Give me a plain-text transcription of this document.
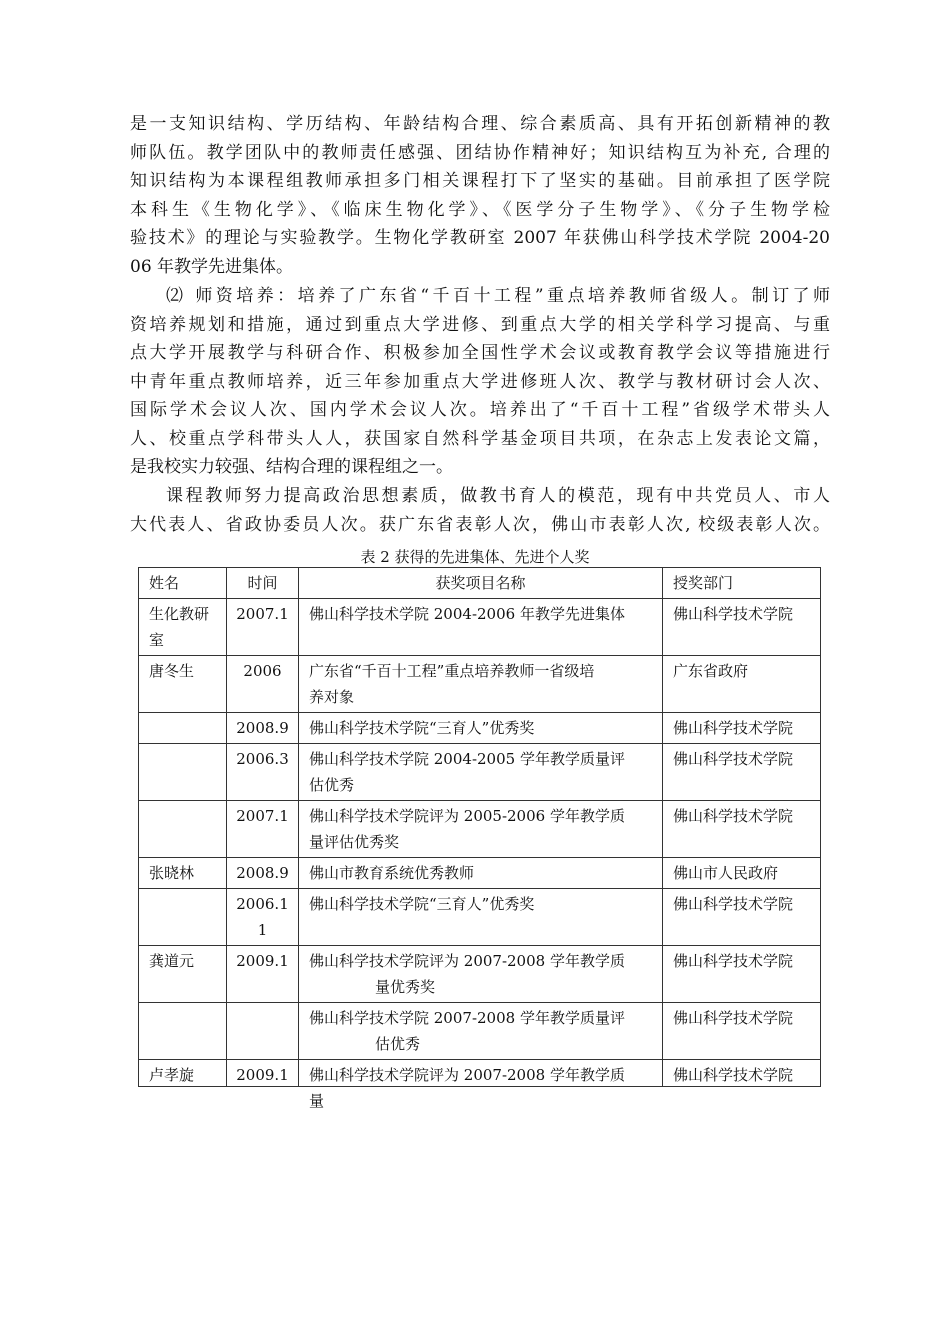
是一支知识结构、学历结构、年龄结构合理、综合素质高、具有开拓创新精神的教
师队伍。教学团队中的教师责任感强、团结协作精神好；知识结构互为补充, 合理的
知识结构为本课程组教师承担多门相关课程打下了坚实的基础。目前承担了医学院
本科生《生物化学》、《临床生物化学》、《医学分子生物学》、《分子生物学检
验技术》的理论与实验教学。生物化学教研室 2007 年获佛山科学技术学院 2004-20
06 年教学先进集体。
⑵ 师资培养：培养了广东省“千百十工程”重点培养教师省级人。制订了师
资培养规划和措施，通过到重点大学进修、到重点大学的相关学科学习提高、与重
点大学开展教学与科研合作、积极参加全国性学术会议或教育教学会议等措施进行
中青年重点教师培养，近三年参加重点大学进修班人次、教学与教材研讨会人次、
国际学术会议人次、国内学术会议人次。培养出了“千百十工程”省级学术带头人
人、校重点学科带头人人，获国家自然科学基金项目共项，在杂志上发表论文篇，
是我校实力较强、结构合理的课程组之一。
课程教师努力提高政治思想素质，做教书育人的模范，现有中共党员人、市人
大代表人、省政协委员人次。获广东省表彰人次，佛山市表彰人次, 校级表彰人次。
表 2 获得的先进集体、先进个人奖
姓名	时间	获奖项目名称	授奖部门

生化教研
室	2007.1	佛山科学技术学院 2004-2006 年教学先进集体	佛山科学技术学院

唐冬生	2006	广东省“千百十工程”重点培养教师一省级培
养对象	广东省政府

	2008.9	佛山科学技术学院“三育人”优秀奖	佛山科学技术学院

	2006.3	佛山科学技术学院 2004-2005 学年教学质量评
估优秀	佛山科学技术学院

	2007.1	佛山科学技术学院评为 2005-2006 学年教学质
量评估优秀奖	佛山科学技术学院

张晓林	2008.9	佛山市教育系统优秀教师	佛山市人民政府

	2006.1
1	佛山科学技术学院“三育人”优秀奖	佛山科学技术学院

龚道元	2009.1	佛山科学技术学院评为 2007-2008 学年教学质
量优秀奖	佛山科学技术学院

		佛山科学技术学院 2007-2008 学年教学质量评
估优秀	佛山科学技术学院

卢孝旋	2009.1	佛山科学技术学院评为 2007-2008 学年教学质
量	佛山科学技术学院
